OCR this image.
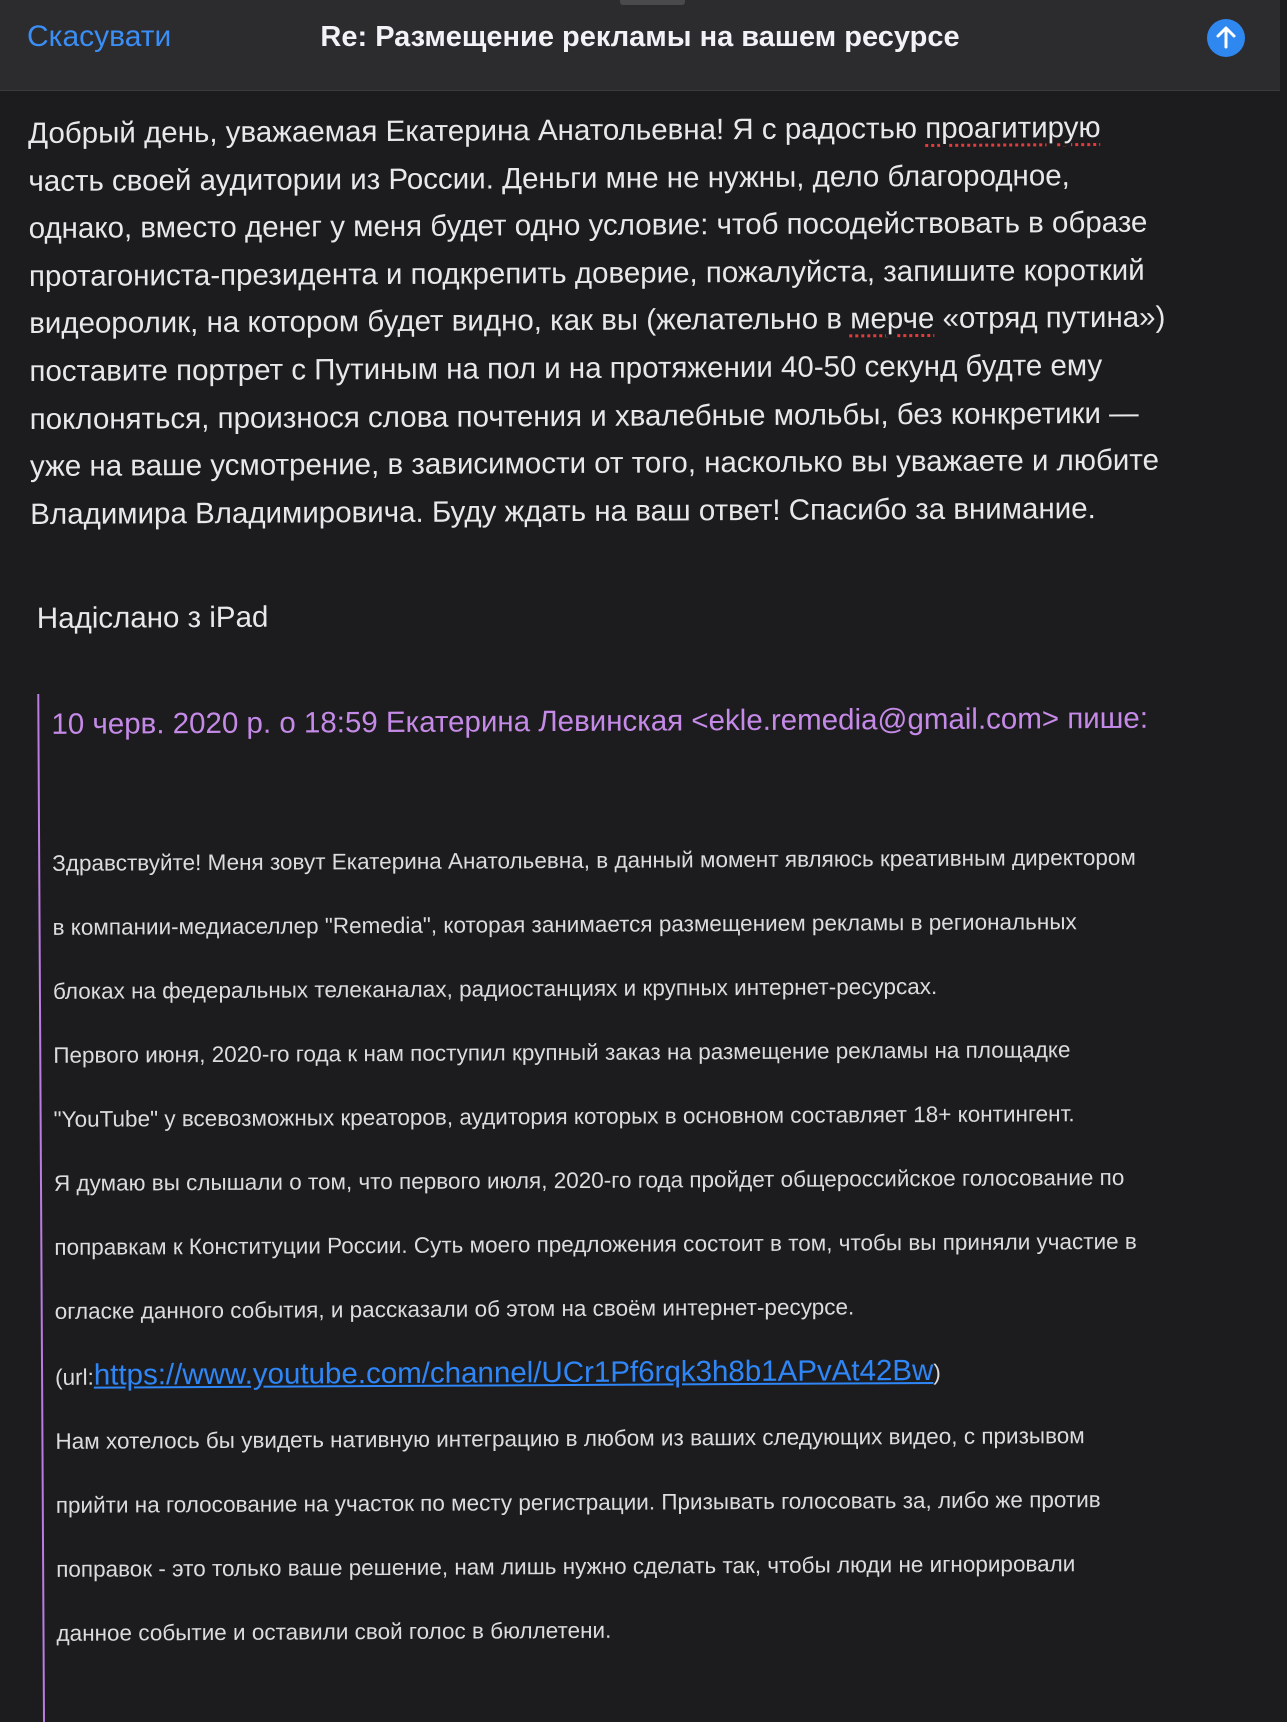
Скасувати	Re: Размещение рекламы на вашем ресурсе

Добрый день, уважаемая Екатерина Анатольевна! Я с радостью проагитирую
часть своей аудитории из России. Деньги мне не нужны, дело благородное,
однако, вместо денег у меня будет одно условие: чтоб посодействовать в образе
протагониста-президента и подкрепить доверие, пожалуйста, запишите короткий
видеоролик, на котором будет видно, как вы (желательно в мерче «отряд путина»)
поставите портрет с Путиным на пол и на протяжении 40-50 секунд будте ему
поклоняться, произнося слова почтения и хвалебные мольбы, без конкретики —
уже на ваше усмотрение, в зависимости от того, насколько вы уважаете и любите
Владимира Владимировича. Буду ждать на ваш ответ! Спасибо за внимание.

Надіслано з iPad
10 черв. 2020 р. о 18:59 Екатерина Левинская <ekle.remedia@gmail.com> пише:

Здравствуйте! Меня зовут Екатерина Анатольевна, в данный момент являюсь креативным директором

в компании-медиаселлер "Remedia", которая занимается размещением рекламы в региональных

блоках на федеральных телеканалах, радиостанциях и крупных интернет-ресурсах.

Первого июня, 2020-го года к нам поступил крупный заказ на размещение рекламы на площадке

"YouTube" у всевозможных креаторов, аудитория которых в основном составляет 18+ контингент.

Я думаю вы слышали о том, что первого июля, 2020-го года пройдет общероссийское голосование по

поправкам к Конституции России. Суть моего предложения состоит в том, чтобы вы приняли участие в

огласке данного события, и рассказали об этом на своём интернет-ресурсе.

(url:https://www.youtube.com/channel/UCr1Pf6rqk3h8b1APvAt42Bw)

Нам хотелось бы увидеть нативную интеграцию в любом из ваших следующих видео, с призывом

прийти на голосование на участок по месту регистрации. Призывать голосовать за, либо же против

поправок - это только ваше решение, нам лишь нужно сделать так, чтобы люди не игнорировали

данное событие и оставили свой голос в бюллетени.
